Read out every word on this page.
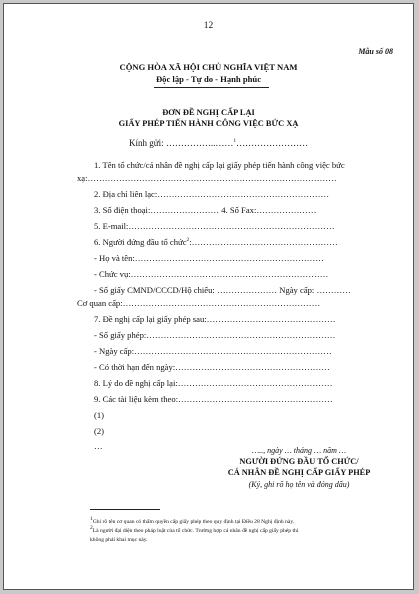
12
Mẫu số 08
CỘNG HÒA XÃ HỘI CHỦ NGHĨA VIỆT NAM
Độc lập - Tự do - Hạnh phúc
ĐƠN ĐỀ NGHỊ CẤP LẠI
GIẤY PHÉP TIẾN HÀNH CÔNG VIỆC BỨC XẠ
Kính gửi: ……………..……$^1$……………………
1. Tên tổ chức/cá nhân đề nghị cấp lại giấy phép tiến hành công việc bức
xạ:……………………………………………………………………………
2. Địa chỉ liên lạc:……………………………………………………
3. Số điện thoại:…………………… 4. Số Fax:…………………
5. E-mail:………………………………………………………………
6. Người đứng đầu tổ chức$^2$:……………………………………………
- Họ và tên:…………………………………………………………
- Chức vụ:……………………………………………………………
- Số giấy CMND/CCCD/Hộ chiếu: ………………… Ngày cấp: …………
Cơ quan cấp:……………………………………………………………
7. Đề nghị cấp lại giấy phép sau:………………………………………
- Số giấy phép:…………………………………………………………
- Ngày cấp:……………………………………………………………
- Có thời hạn đến ngày:………………………………………………
8. Lý do đề nghị cấp lại:………………………………………………
9. Các tài liệu kèm theo:………………………………………………
(1)
(2)
…	….., ngày … tháng … năm …
NGƯỜI ĐỨNG ĐẦU TỔ CHỨC/
CÁ NHÂN ĐỀ NGHỊ CẤP GIẤY PHÉP
(Ký, ghi rõ họ tên và đóng dấu)
$^1$Ghi rõ tên cơ quan có thẩm quyền cấp giấy phép theo quy định tại Điều 28 Nghị định này.
$^2$Là người đại diện theo pháp luật của tổ chức. Trường hợp cá nhân đề nghị cấp giấy phép thì
không phải khai mục này.
